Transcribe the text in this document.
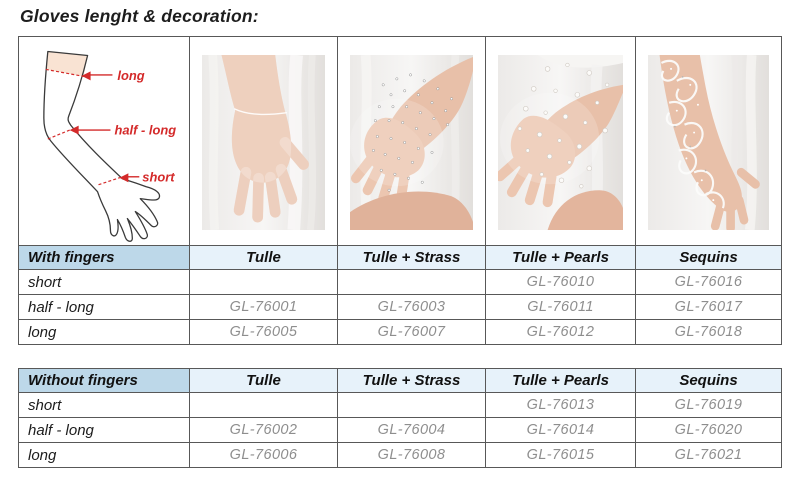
Gloves lenght & decoration:
long
half - long
short

With fingers	Tulle	Tulle + Strass	Tulle + Pearls	Sequins
short			GL-76010	GL-76016
half - long	GL-76001	GL-76003	GL-76011	GL-76017
long	GL-76005	GL-76007	GL-76012	GL-76018
Without fingers	Tulle	Tulle + Strass	Tulle + Pearls	Sequins
short			GL-76013	GL-76019
half - long	GL-76002	GL-76004	GL-76014	GL-76020
long	GL-76006	GL-76008	GL-76015	GL-76021
